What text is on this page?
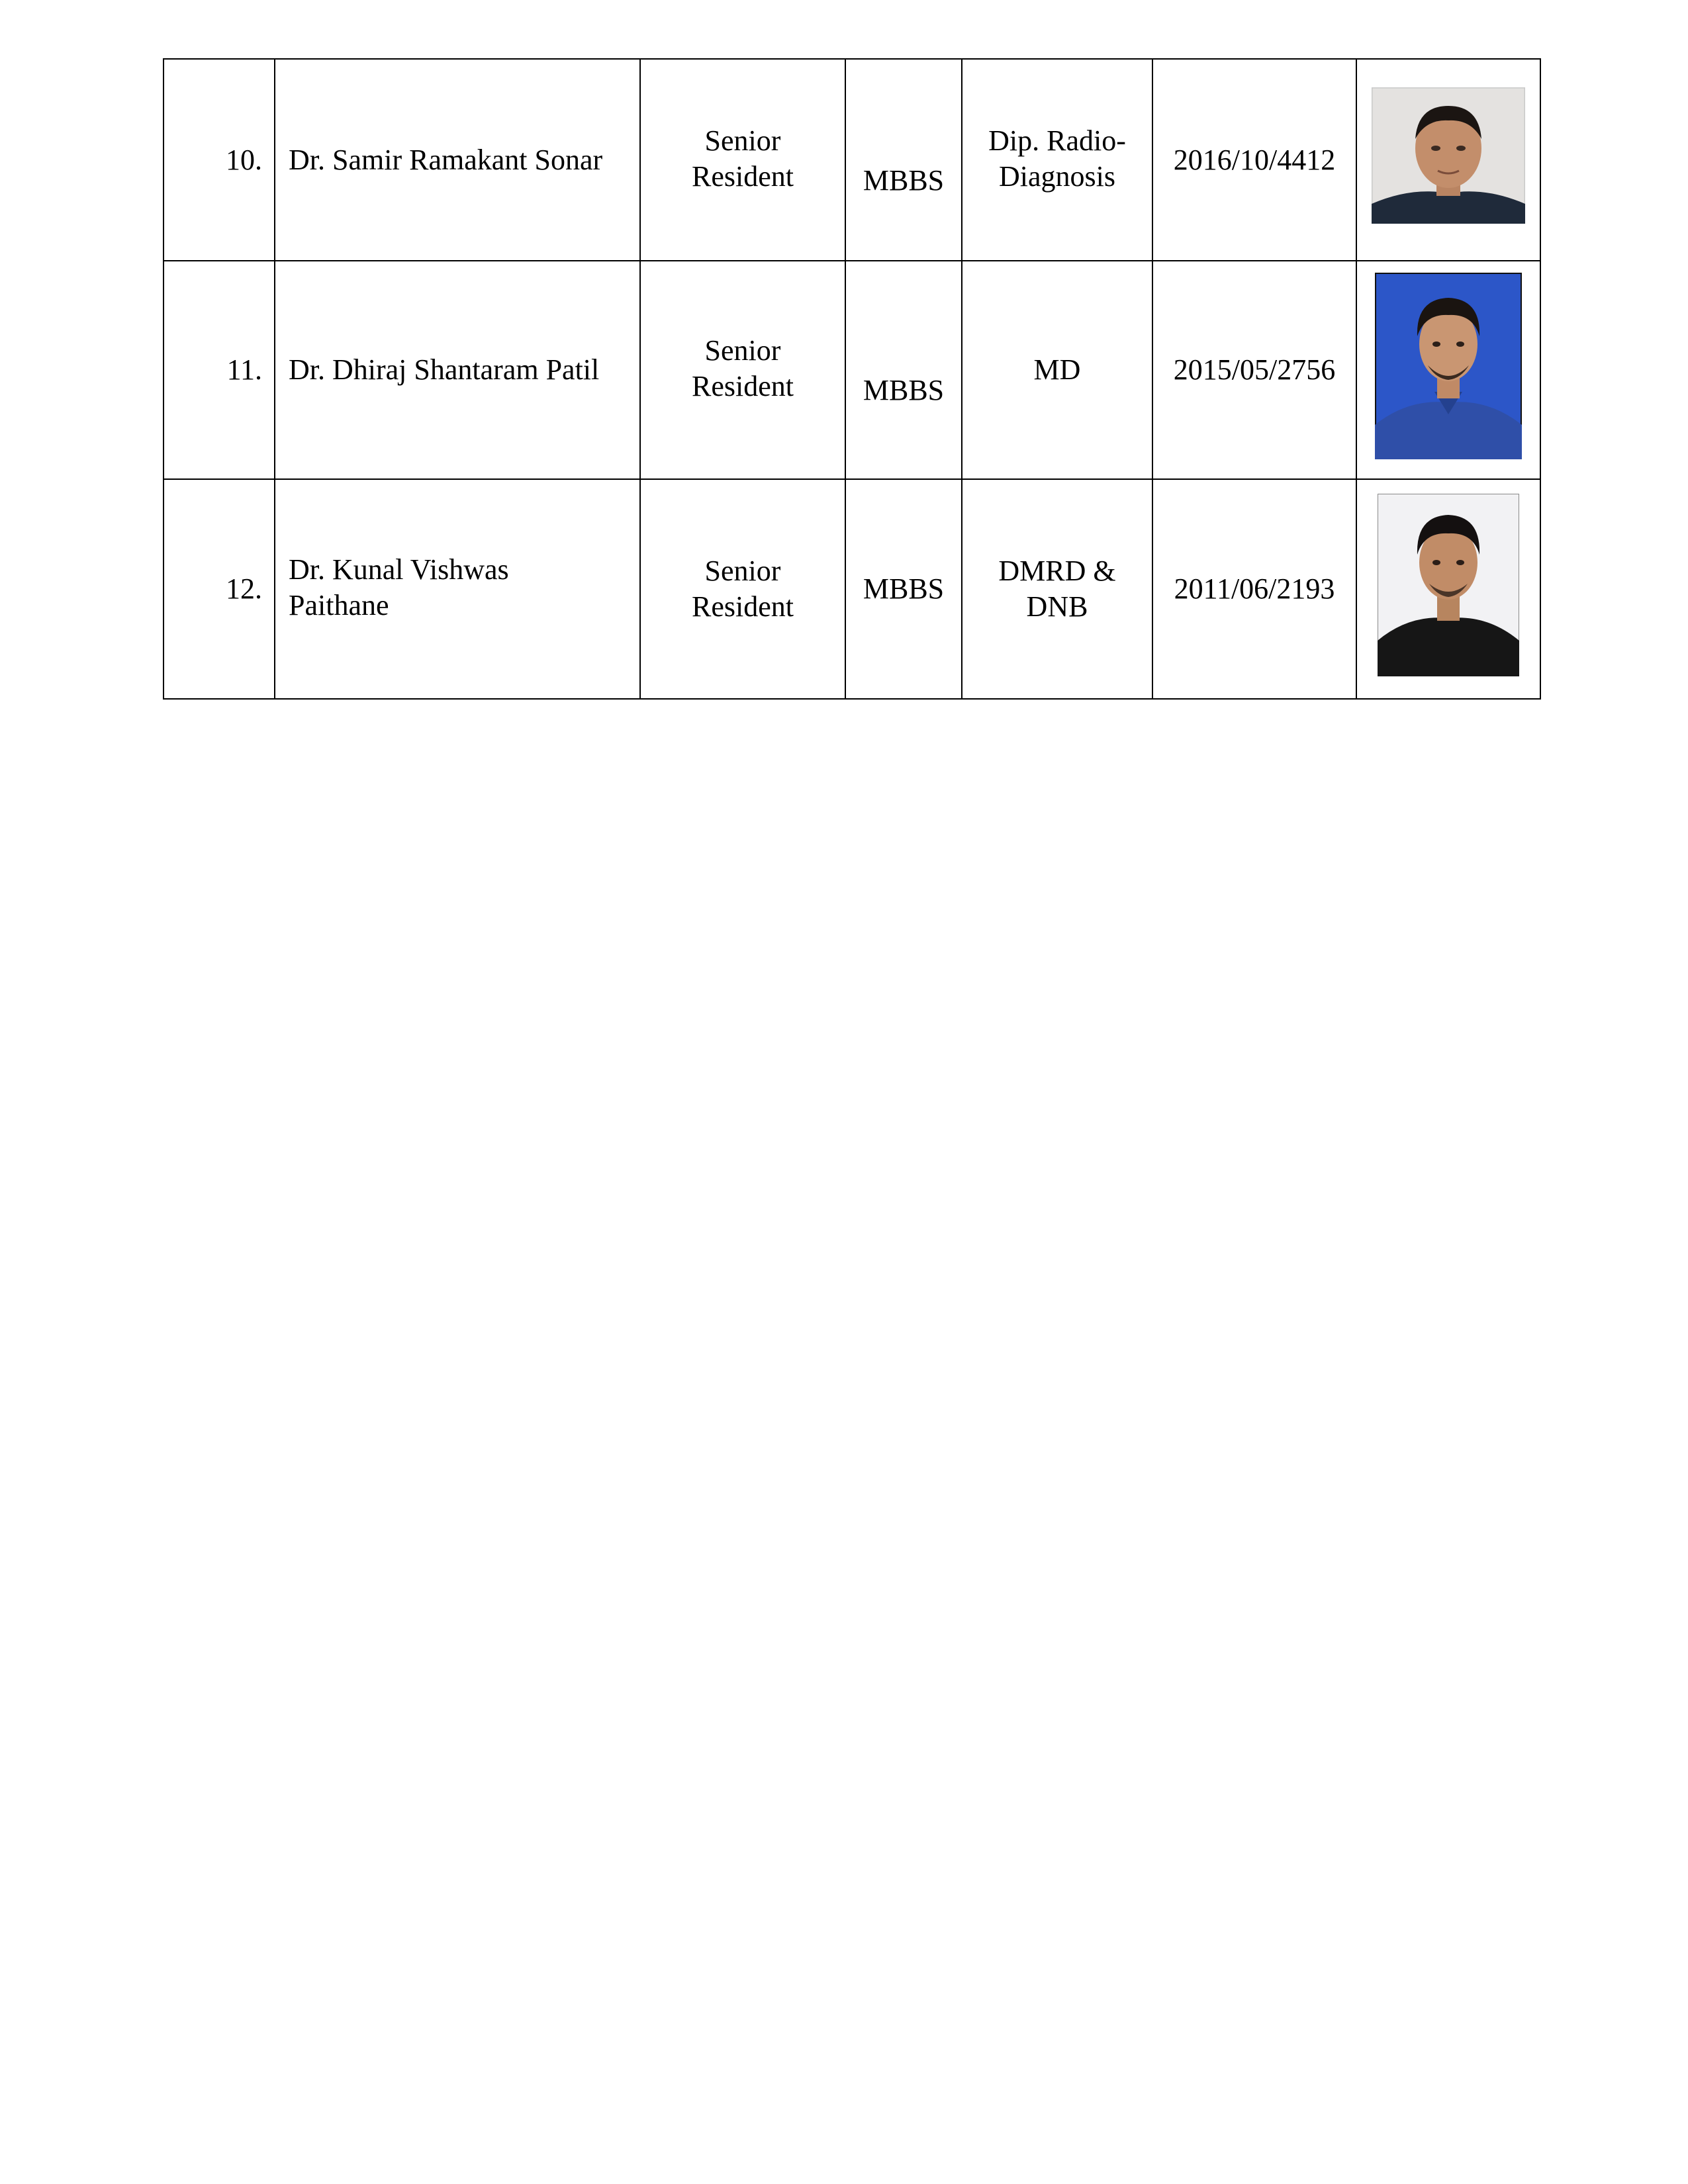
10.	Dr. Samir Ramakant Sonar	Senior
Resident	MBBS	Dip. Radio-
Diagnosis	2016/10/4412	

11.	Dr. Dhiraj Shantaram Patil	Senior
Resident	MBBS	MD	2015/05/2756	

12.	Dr. Kunal Vishwas
Paithane	Senior
Resident	MBBS	DMRD &
DNB	2011/06/2193	
